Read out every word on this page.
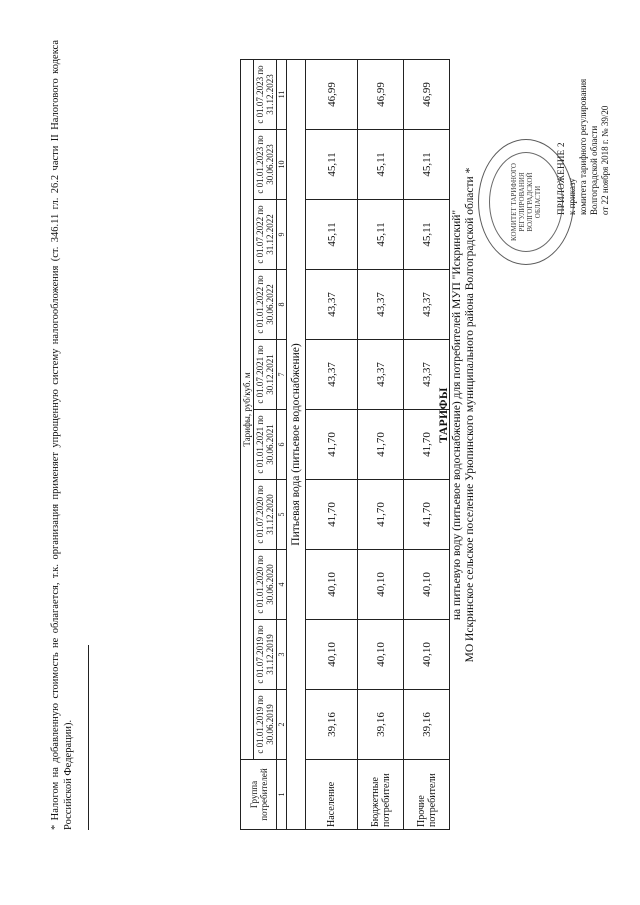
ПРИЛОЖЕНИЕ 2 к приказу комитета тарифного регулирования Волгоградской области от 22 ноября 2018 г. № 39/20
КОМИТЕТ ТАРИФНОГО РЕГУЛИРОВАНИЯ ВОЛГОГРАДСКОЙ ОБЛАСТИ
ТАРИФЫ на питьевую воду (питьевое водоснабжение) для потребителей МУП "Искринский" МО Искринское сельское поселение Урюпинского муниципального района Волгоградской области *
Группа потребителей	Тарифы, руб/куб. м									
	с 01.01.2019 по 30.06.2019	с 01.07.2019 по 31.12.2019	с 01.01.2020 по 30.06.2020	с 01.07.2020 по 31.12.2020	с 01.01.2021 по 30.06.2021	с 01.07.2021 по 30.12.2021	с 01.01.2022 по 30.06.2022	с 01.07.2022 по 31.12.2022	с 01.01.2023 по 30.06.2023	с 01.07.2023 по 31.12.2023
1	2	3	4	5	6	7	8	9	10	11
Питьевая вода (питьевое водоснабжение)										
Население	39,16	40,10	40,10	41,70	41,70	43,37	43,37	45,11	45,11	46,99
Бюджетные потребители	39,16	40,10	40,10	41,70	41,70	43,37	43,37	45,11	45,11	46,99
Прочие потребители	39,16	40,10	40,10	41,70	41,70	43,37	43,37	45,11	45,11	46,99
* Налогом на добавленную стоимость не облагается, т.к. организация применяет упрощенную систему налогообложения (ст. 346.11 гл. 26.2 части II Налогового кодекса Российской Федерации).
